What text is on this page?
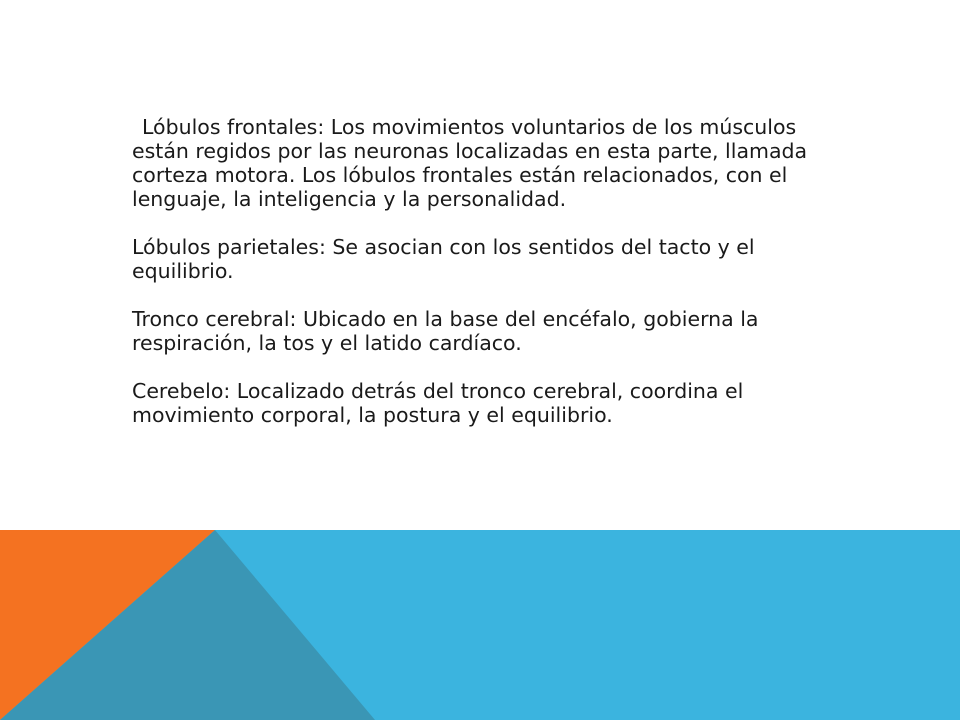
Lóbulos frontales: Los movimientos voluntarios de los músculos están regidos por las neuronas localizadas en esta parte, llamada corteza motora. Los lóbulos frontales están relacionados, con el lenguaje, la inteligencia y la personalidad.

Lóbulos parietales: Se asocian con los sentidos del tacto y el equilibrio.

Tronco cerebral: Ubicado en la base del encéfalo, gobierna la respiración, la tos y el latido cardíaco.

Cerebelo: Localizado detrás del tronco cerebral, coordina el movimiento corporal, la postura y el equilibrio.
